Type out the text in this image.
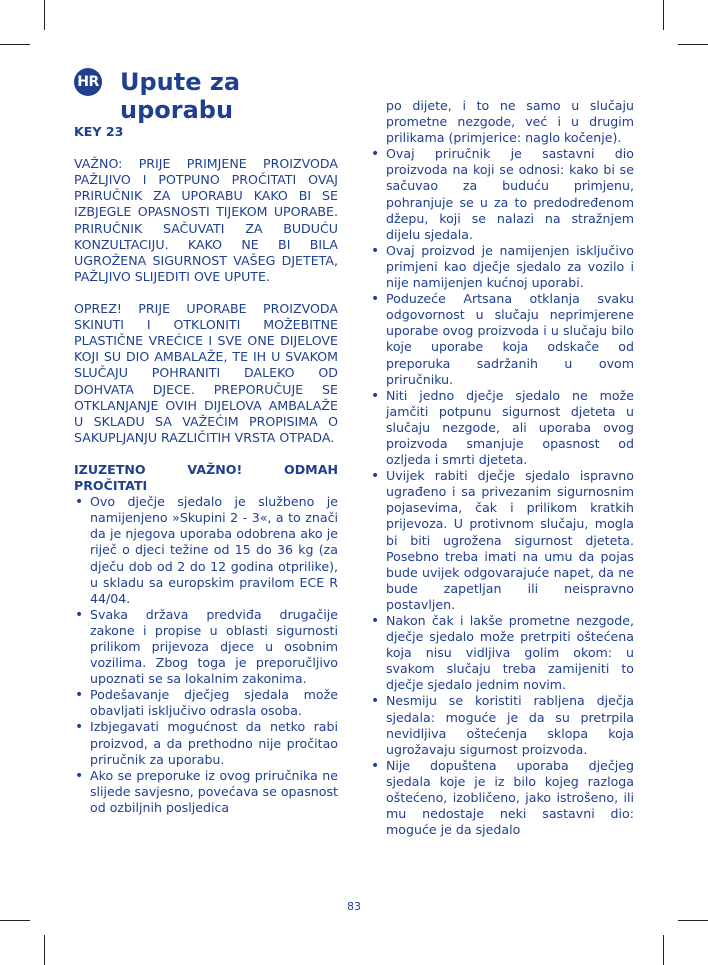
HR Upute za uporabu

KEY 23

VAŽNO: PRIJE PRIMJENE PROIZVODA PAŽLJIVO I POTPUNO PROČITATI OVAJ PRIRUČNIK ZA UPORABU KAKO BI SE IZBJEGLE OPASNOSTI TIJEKOM UPORABE. PRIRUČNIK SAČUVATI ZA BUDUĆU KONZULTACIJU. KAKO NE BI BILA UGROŽENA SIGURNOST VAŠEG DJETETA, PAŽLJIVO SLIJEDITI OVE UPUTE.

OPREZ! PRIJE UPORABE PROIZVODA SKINUTI I OTKLONITI MOŽEBITNE PLASTIČNE VREĆICE I SVE ONE DIJELOVE KOJI SU DIO AMBALAŽE, TE IH U SVAKOM SLUČAJU POHRANITI DALEKO OD DOHVATA DJECE. PREPORUČUJE SE OTKLANJANJE OVIH DIJELOVA AMBALAŽE U SKLADU SA VAŽEĆIM PROPISIMA O SAKUPLJANJU RAZLIČITIH VRSTA OTPADA.

IZUZETNO VAŽNO! ODMAH PROČITATI

• Ovo dječje sjedalo je službeno je namijenjeno »Skupini 2 - 3«, a to znači da je njegova uporaba odobrena ako je riječ o djeci težine od 15 do 36 kg (za dječu dob od 2 do 12 godina otprilike), u skladu sa europskim pravilom ECE R 44/04.
• Svaka država predviđa drugačije zakone i propise u oblasti sigurnosti prilikom prijevoza djece u osobnim vozilima. Zbog toga je preporučljivo upoznati se sa lokalnim zakonima.
• Podešavanje dječjeg sjedala može obavljati isključivo odrasla osoba.
• Izbjegavati mogućnost da netko rabi proizvod, a da prethodno nije pročitao priručnik za uporabu.
• Ako se preporuke iz ovog priručnika ne slijede savjesno, povećava se opasnost od ozbiljnih posljedica

po dijete, i to ne samo u slučaju prometne nezgode, već i u drugim prilikama (primjerice: naglo kočenje).

• Ovaj priručnik je sastavni dio proizvoda na koji se odnosi: kako bi se sačuvao za buduću primjenu, pohranjuje se u za to predodređenom džepu, koji se nalazi na stražnjem dijelu sjedala.
• Ovaj proizvod je namijenjen isključivo primjeni kao dječje sjedalo za vozilo i nije namijenjen kućnoj uporabi.
• Poduzeće Artsana otklanja svaku odgovornost u slučaju neprimjerene uporabe ovog proizvoda i u slučaju bilo koje uporabe koja odskače od preporuka sadržanih u ovom priručniku.
• Niti jedno dječje sjedalo ne može jamčiti potpunu sigurnost djeteta u slučaju nezgode, ali uporaba ovog proizvoda smanjuje opasnost od ozljeda i smrti djeteta.
• Uvijek rabiti dječje sjedalo ispravno ugrađeno i sa privezanim sigurnosnim pojasevima, čak i prilikom kratkih prijevoza. U protivnom slučaju, mogla bi biti ugrožena sigurnost djeteta. Posebno treba imati na umu da pojas bude uvijek odgovarajuće napet, da ne bude zapetljan ili neispravno postavljen.
• Nakon čak i lakše prometne nezgode, dječje sjedalo može pretrpiti oštećena koja nisu vidljiva golim okom: u svakom slučaju treba zamijeniti to dječje sjedalo jednim novim.
• Nesmiju se koristiti rabljena dječja sjedala: moguće je da su pretrpila nevidljiva oštećenja sklopa koja ugrožavaju sigurnost proizvoda.
• Nije dopuštena uporaba dječjeg sjedala koje je iz bilo kojeg razloga oštećeno, izobličeno, jako istrošeno, ili mu nedostaje neki sastavni dio: moguće je da sjedalo
83
